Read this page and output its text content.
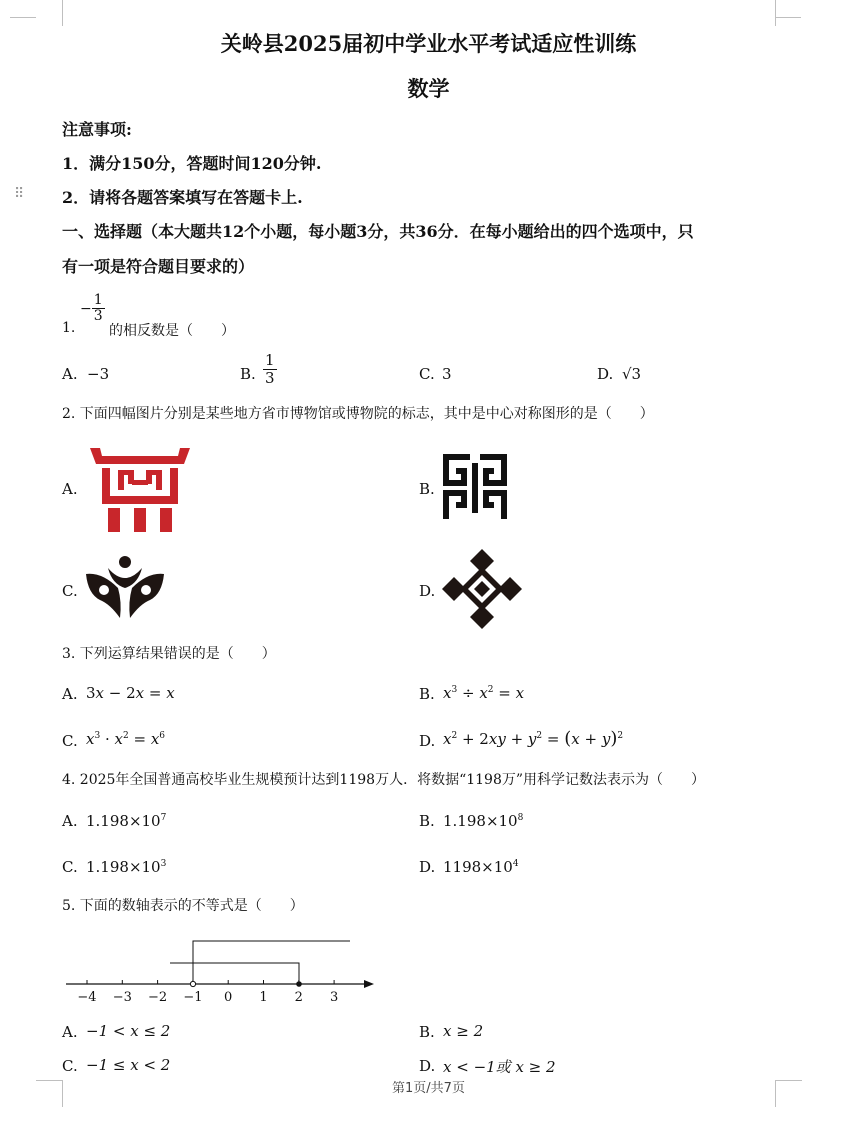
⠿
关岭县2025届初中学业水平考试适应性训练
数学
注意事项:
1．满分150分，答题时间120分钟.
2．请将各题答案填写在答题卡上.
一、选择题（本大题共12个小题，每小题3分，共36分．在每小题给出的四个选项中，只
有一项是符合题目要求的）
1.
− $\frac{1}{3}$
的相反数是（　　）
A. −3	B. $\frac{1}{3}$	C. 3	D. √3
2. 下面四幅图片分别是某些地方省市博物馆或博物院的标志，其中是中心对称图形的是（　　）
A.	B.
C.	D.
3. 下列运算结果错误的是（　　）
A. 3x − 2x = x	B. $x^3 \div x^2 = x$
C. $x^3 \cdot x^2 = x^6$	D. $x^2 + 2xy + y^2 = (x + y)^2$
4. 2025年全国普通高校毕业生规模预计达到1198万人．将数据“1198万”用科学记数法表示为（　　）
A. $1.198\times 10^7$	B. $1.198\times 10^8$
C. $1.198\times 10^3$	D. $1198\times 10^4$
5. 下面的数轴表示的不等式是（　　）
−4 −3 −2 −1 0 1 2 3
A. −1 < x ≤ 2	B. x ≥ 2
C. −1 ≤ x < 2	D. x < −1或 x ≥ 2
第1页/共7页
